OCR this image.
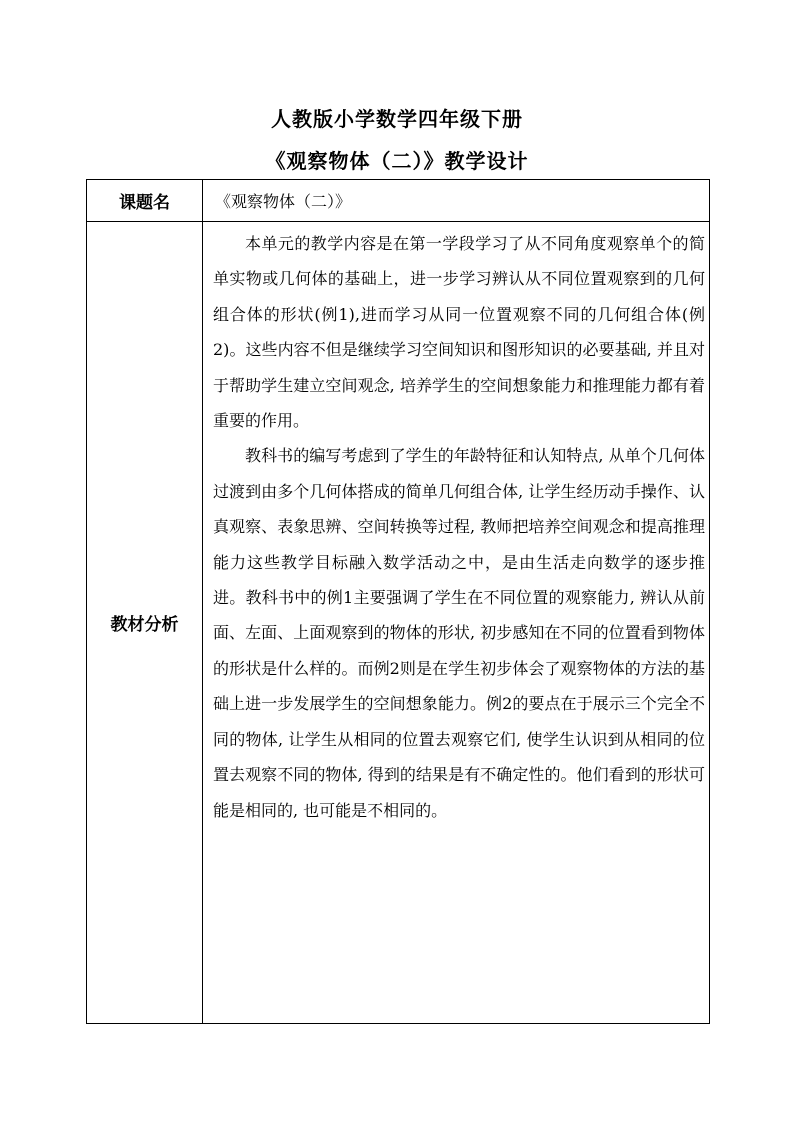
人教版小学数学四年级下册
《观察物体（二）》教学设计
课题名	《观察物体（二）》
教材分析	本单元的教学内容是在第一学段学习了从不同角度观察单个的简单实物或几何体的基础上，进一步学习辨认从不同位置观察到的几何组合体的形状(例1),进而学习从同一位置观察不同的几何组合体(例2)。这些内容不但是继续学习空间知识和图形知识的必要基础, 并且对于帮助学生建立空间观念, 培养学生的空间想象能力和推理能力都有着重要的作用。

教科书的编写考虑到了学生的年龄特征和认知特点, 从单个几何体过渡到由多个几何体搭成的简单几何组合体, 让学生经历动手操作、认真观察、表象思辨、空间转换等过程, 教师把培养空间观念和提高推理能力这些教学目标融入数学活动之中，是由生活走向数学的逐步推进。教科书中的例1主要强调了学生在不同位置的观察能力, 辨认从前面、左面、上面观察到的物体的形状, 初步感知在不同的位置看到物体的形状是什么样的。而例2则是在学生初步体会了观察物体的方法的基础上进一步发展学生的空间想象能力。例2的要点在于展示三个完全不同的物体, 让学生从相同的位置去观察它们, 使学生认识到从相同的位置去观察不同的物体, 得到的结果是有不确定性的。他们看到的形状可能是相同的, 也可能是不相同的。
